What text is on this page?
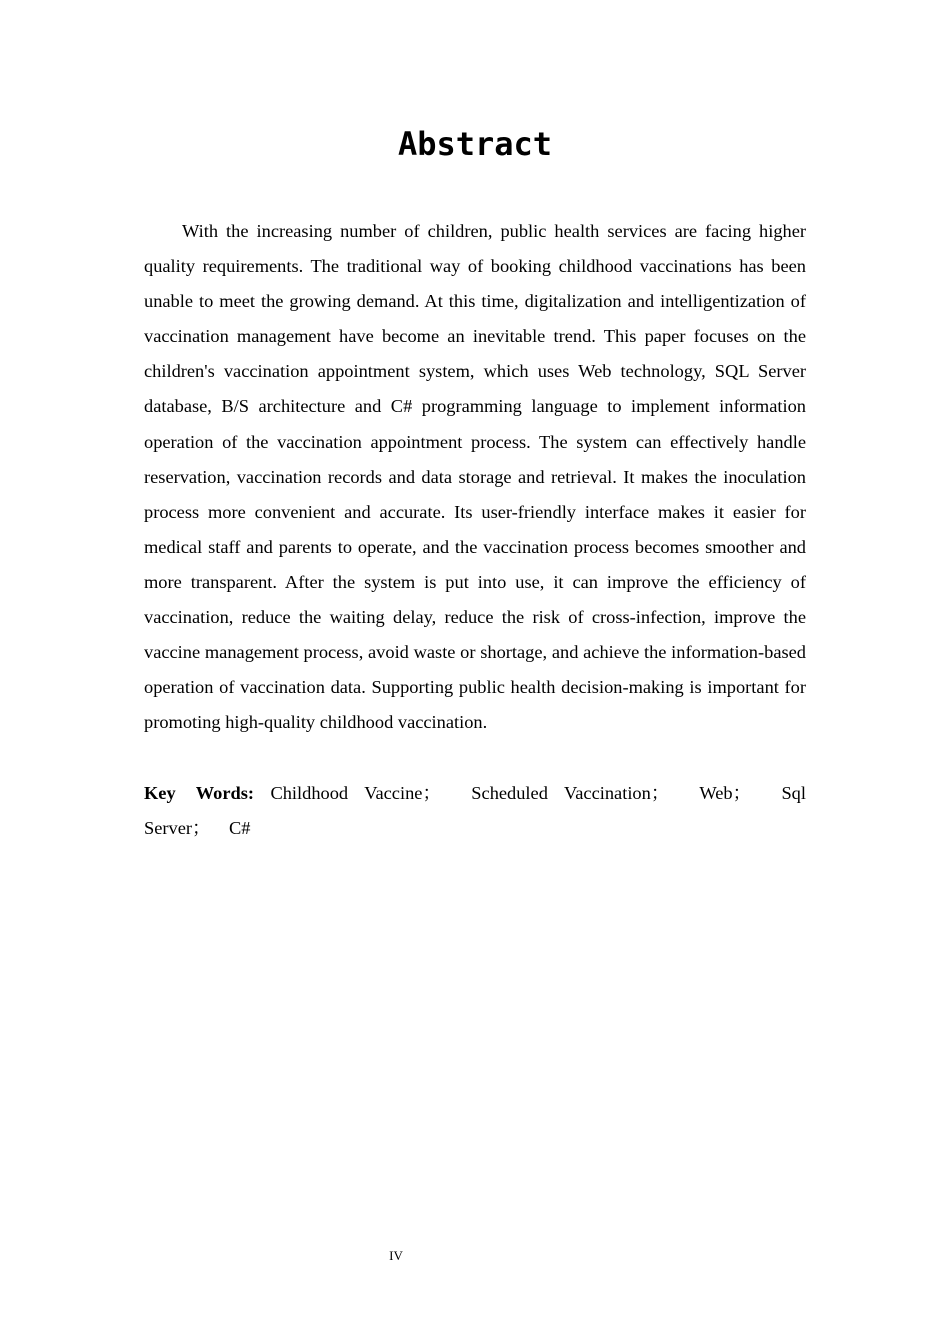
Abstract

With the increasing number of children, public health services are facing higher quality requirements. The traditional way of booking childhood vaccinations has been unable to meet the growing demand. At this time, digitalization and intelligentization of vaccination management have become an inevitable trend. This paper focuses on the children's vaccination appointment system, which uses Web technology, SQL Server database, B/S architecture and C# programming language to implement information operation of the vaccination appointment process. The system can effectively handle reservation, vaccination records and data storage and retrieval. It makes the inoculation process more convenient and accurate. Its user-friendly interface makes it easier for medical staff and parents to operate, and the vaccination process becomes smoother and more transparent. After the system is put into use, it can improve the efficiency of vaccination, reduce the waiting delay, reduce the risk of cross-infection, improve the vaccine management process, avoid waste or shortage, and achieve the information-based operation of vaccination data. Supporting public health decision-making is important for promoting high-quality childhood vaccination.

Key Words: Childhood Vaccine； Scheduled Vaccination； Web； Sql Server； C#

IV
